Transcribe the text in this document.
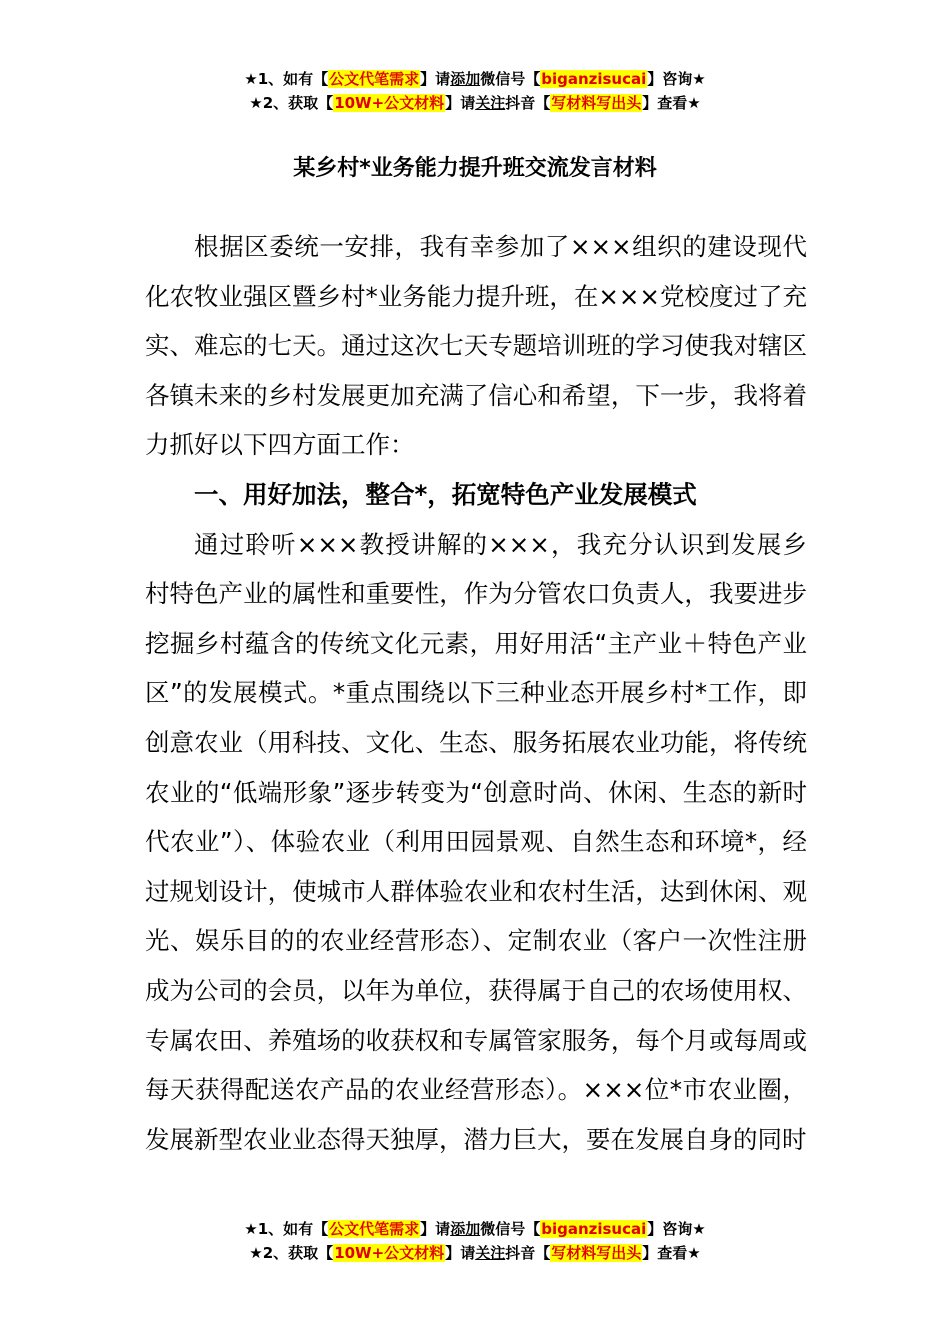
★1、如有【公文代笔需求】请添加微信号【biganzisucai】咨询★
★2、获取【10W+公文材料】请关注抖音【写材料写出头】查看★
某乡村*业务能力提升班交流发言材料

根据区委统一安排，我有幸参加了×××组织的建设现代化农牧业强区暨乡村*业务能力提升班，在×××党校度过了充实、难忘的七天。通过这次七天专题培训班的学习使我对辖区各镇未来的乡村发展更加充满了信心和希望，下一步，我将着力抓好以下四方面工作：

一、用好加法，整合*，拓宽特色产业发展模式

通过聆听×××教授讲解的×××，我充分认识到发展乡村特色产业的属性和重要性，作为分管农口负责人，我要进步挖掘乡村蕴含的传统文化元素，用好用活“主产业＋特色产业区”的发展模式。*重点围绕以下三种业态开展乡村*工作，即创意农业（用科技、文化、生态、服务拓展农业功能，将传统农业的“低端形象”逐步转变为“创意时尚、休闲、生态的新时代农业”）、体验农业（利用田园景观、自然生态和环境*，经过规划设计，使城市人群体验农业和农村生活，达到休闲、观光、娱乐目的的农业经营形态）、定制农业（客户一次性注册成为公司的会员，以年为单位，获得属于自己的农场使用权、专属农田、养殖场的收获权和专属管家服务，每个月或每周或每天获得配送农产品的农业经营形态）。×××位*市农业圈，发展新型农业业态得天独厚，潜力巨大，要在发展自身的同时

★1、如有【公文代笔需求】请添加微信号【biganzisucai】咨询★
★2、获取【10W+公文材料】请关注抖音【写材料写出头】查看★
